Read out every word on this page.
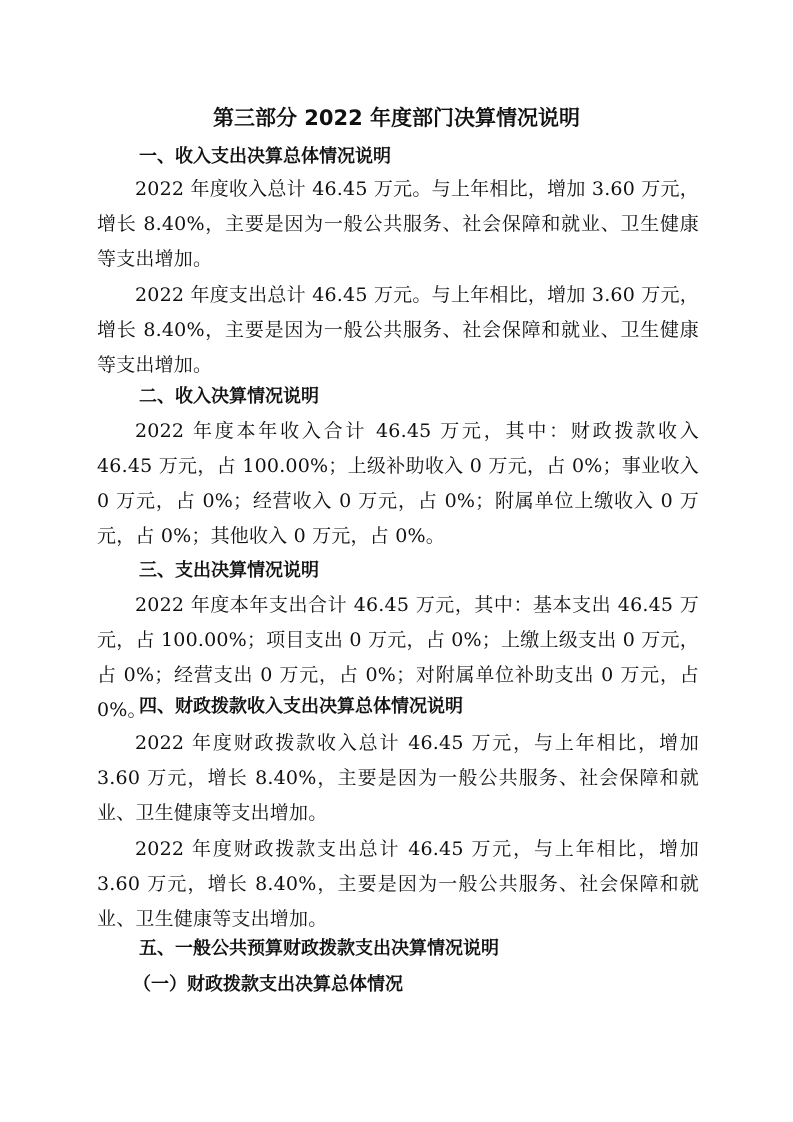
第三部分 2022 年度部门决算情况说明
一、收入支出决算总体情况说明
2022 年度收入总计 46.45 万元。与上年相比，增加 3.60 万元，增长 8.40%，主要是因为一般公共服务、社会保障和就业、卫生健康等支出增加。
2022 年度支出总计 46.45 万元。与上年相比，增加 3.60 万元，增长 8.40%，主要是因为一般公共服务、社会保障和就业、卫生健康等支出增加。
二、收入决算情况说明
2022 年度本年收入合计 46.45 万元，其中：财政拨款收入 46.45 万元，占 100.00%；上级补助收入 0 万元，占 0%；事业收入 0 万元，占 0%；经营收入 0 万元，占 0%；附属单位上缴收入 0 万元，占 0%；其他收入 0 万元，占 0%。
三、支出决算情况说明
2022 年度本年支出合计 46.45 万元，其中：基本支出 46.45 万元，占 100.00%；项目支出 0 万元，占 0%；上缴上级支出 0 万元，占 0%；经营支出 0 万元，占 0%；对附属单位补助支出 0 万元，占 0%。
四、财政拨款收入支出决算总体情况说明
2022 年度财政拨款收入总计 46.45 万元，与上年相比，增加 3.60 万元，增长 8.40%，主要是因为一般公共服务、社会保障和就业、卫生健康等支出增加。
2022 年度财政拨款支出总计 46.45 万元，与上年相比，增加 3.60 万元，增长 8.40%，主要是因为一般公共服务、社会保障和就业、卫生健康等支出增加。
五、一般公共预算财政拨款支出决算情况说明
（一）财政拨款支出决算总体情况
